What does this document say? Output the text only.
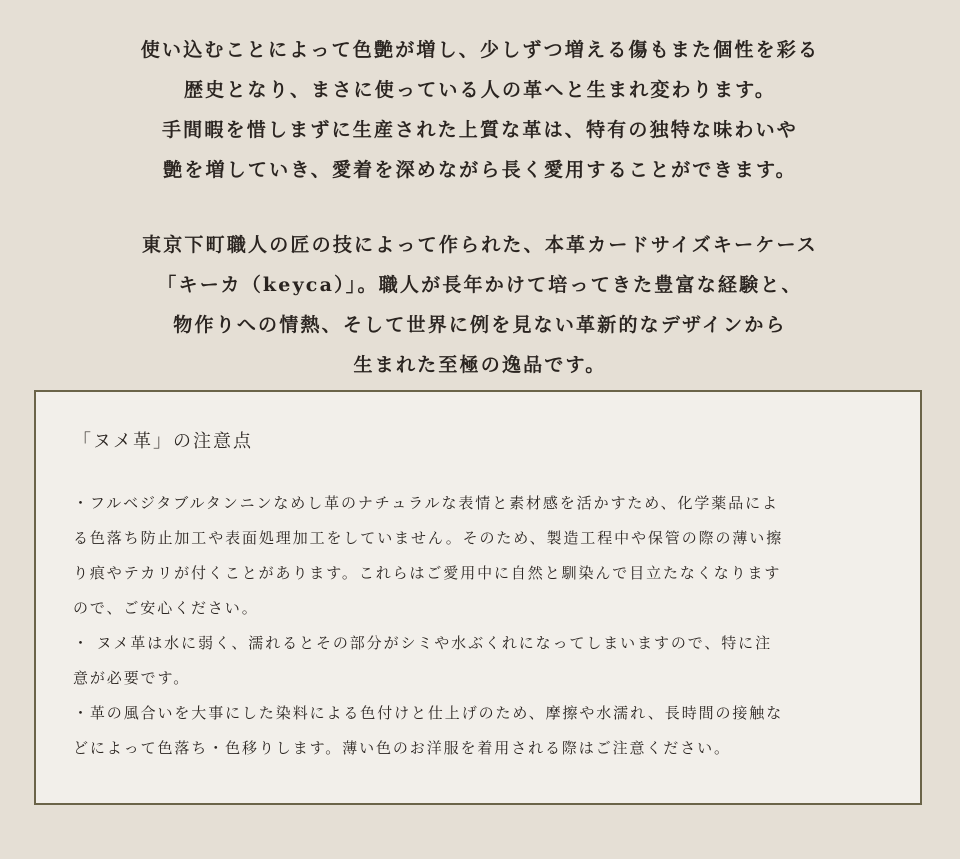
使い込むことによって色艶が増し、少しずつ増える傷もまた個性を彩る
歴史となり、まさに使っている人の革へと生まれ変わります。
手間暇を惜しまずに生産された上質な革は、特有の独特な味わいや
艶を増していき、愛着を深めながら長く愛用することができます。

東京下町職人の匠の技によって作られた、本革カードサイズキーケース
「キーカ（keyca）」。職人が長年かけて培ってきた豊富な経験と、
物作りへの情熱、そして世界に例を見ない革新的なデザインから
生まれた至極の逸品です。

「ヌメ革」の注意点
・フルベジタブルタンニンなめし革のナチュラルな表情と素材感を活かすため、化学薬品によ
る色落ち防止加工や表面処理加工をしていません。そのため、製造工程中や保管の際の薄い擦
り痕やテカリが付くことがあります。これらはご愛用中に自然と馴染んで目立たなくなります
ので、ご安心ください。
・ ヌメ革は水に弱く、濡れるとその部分がシミや水ぶくれになってしまいますので、特に注
意が必要です。
・革の風合いを大事にした染料による色付けと仕上げのため、摩擦や水濡れ、長時間の接触な
どによって色落ち・色移りします。薄い色のお洋服を着用される際はご注意ください。
